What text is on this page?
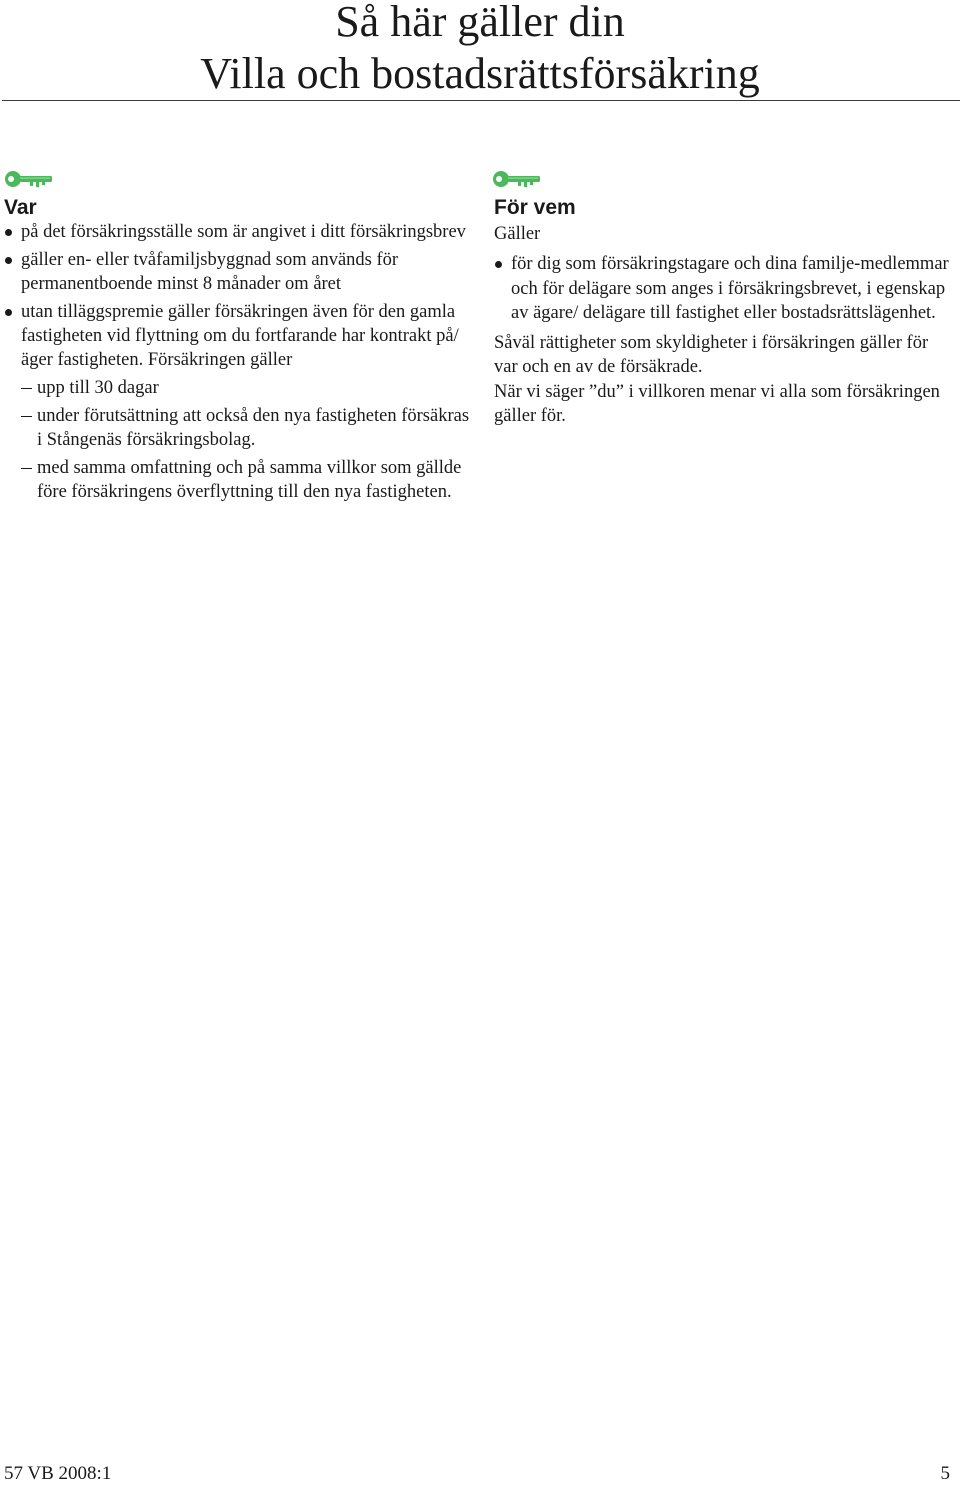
Så här gäller din
Villa och bostadsrättsförsäkring
Var
på det försäkringsställe som är angivet i ditt försäkringsbrev
gäller en- eller tvåfamiljsbyggnad som används för permanentboende minst 8 månader om året
utan tilläggspremie gäller försäkringen även för den gamla fastigheten vid flyttning om du fortfarande har kontrakt på/äger fastigheten. Försäkringen gäller
upp till 30 dagar
under förutsättning att också den nya fastigheten försäkras i Stångenäs försäkringsbolag.
med samma omfattning och på samma villkor som gällde före försäkringens överflyttning till den nya fastigheten.
För vem

Gäller

för dig som försäkringstagare och dina familje-medlemmar och för delägare som anges i försäkringsbrevet, i egenskap av ägare/ delägare till fastighet eller bostadsrättslägenhet.

Såväl rättigheter som skyldigheter i försäkringen gäller för var och en av de försäkrade.

När vi säger ”du” i villkoren menar vi alla som försäkringen gäller för.

57 VB 2008:1	5
